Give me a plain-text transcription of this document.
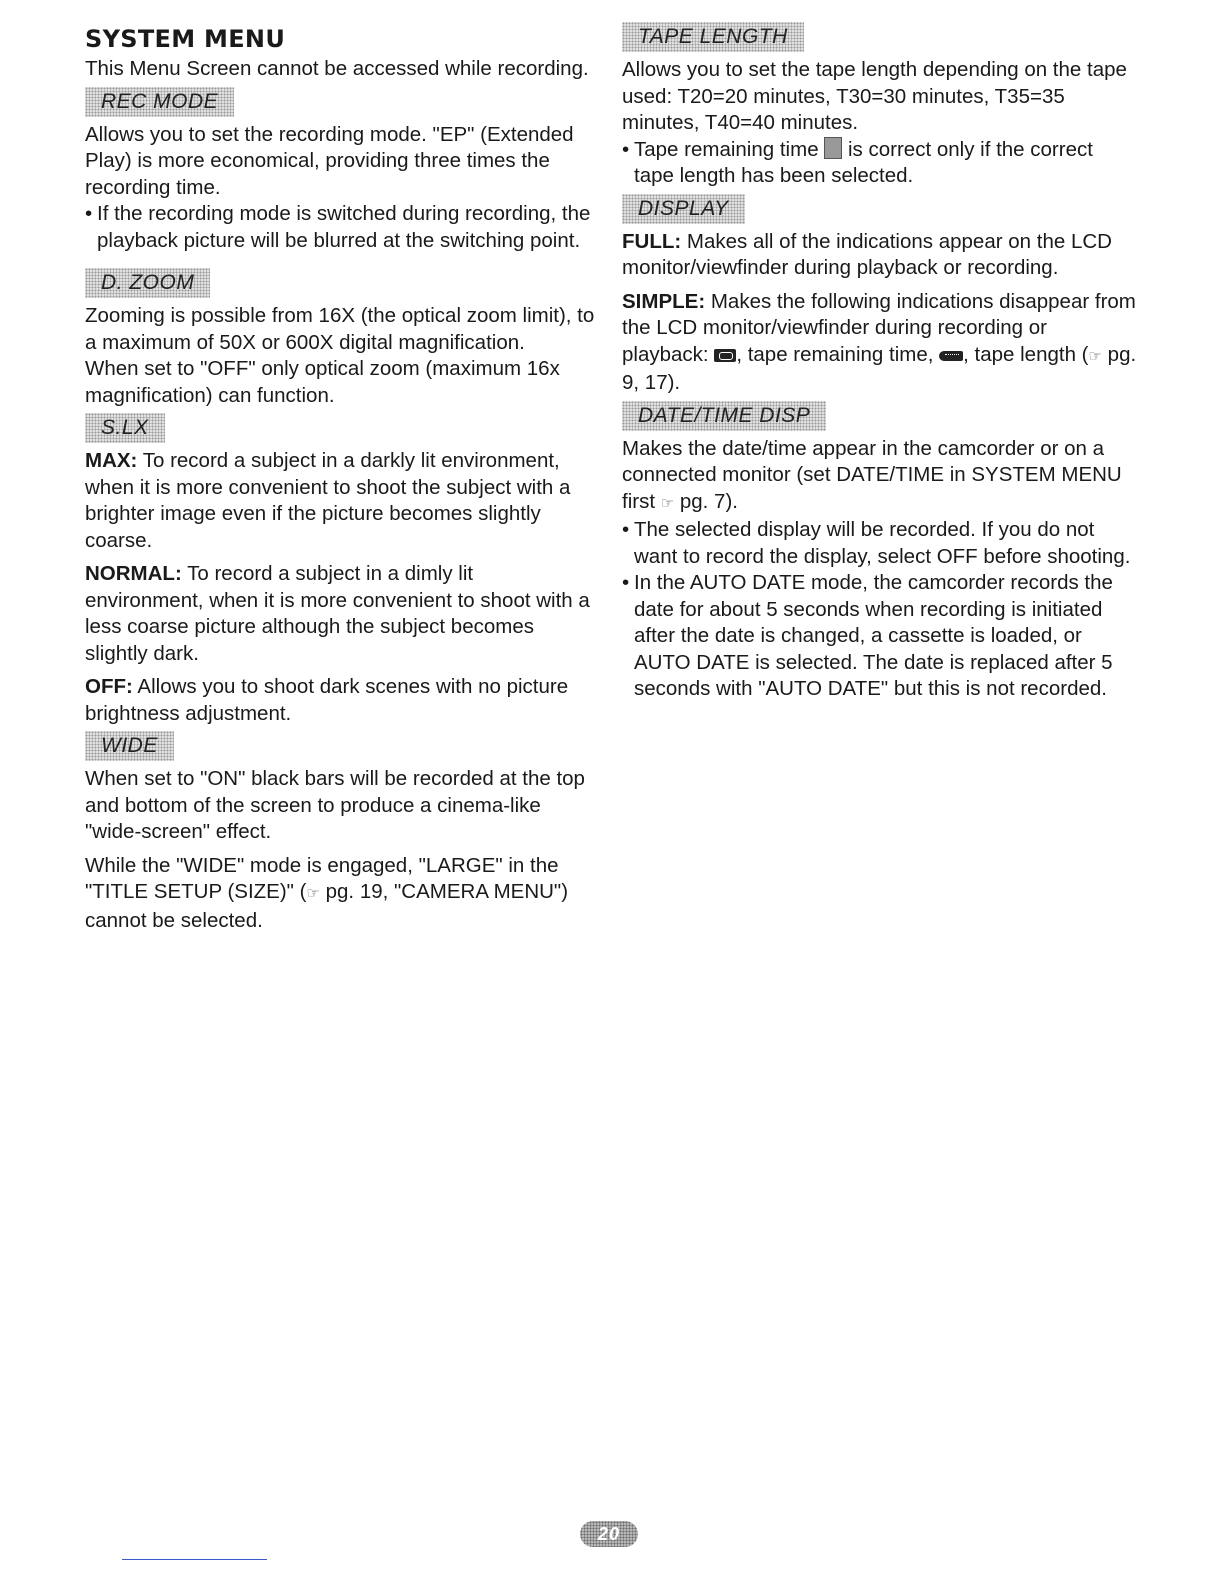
SYSTEM MENU

This Menu Screen cannot be accessed while recording.

REC MODE

Allows you to set the recording mode. "EP" (Extended Play) is more economical, providing three times the recording time.

• If the recording mode is switched during recording, the playback picture will be blurred at the switching point.

D. ZOOM

Zooming is possible from 16X (the optical zoom limit), to a maximum of 50X or 600X digital magnification.

When set to "OFF" only optical zoom (maximum 16x magnification) can function.

S.LX

MAX: To record a subject in a darkly lit environment, when it is more convenient to shoot the subject with a brighter image even if the picture becomes slightly coarse.

NORMAL: To record a subject in a dimly lit environment, when it is more convenient to shoot with a less coarse picture although the subject becomes slightly dark.

OFF: Allows you to shoot dark scenes with no picture brightness adjustment.

WIDE

When set to "ON" black bars will be recorded at the top and bottom of the screen to produce a cinema-like "wide-screen" effect.

While the "WIDE" mode is engaged, "LARGE" in the "TITLE SETUP (SIZE)" (☞ pg. 19, "CAMERA MENU") cannot be selected.

TAPE LENGTH

Allows you to set the tape length depending on the tape used: T20=20 minutes, T30=30 minutes, T35=35 minutes, T40=40 minutes.

• Tape remaining time  is correct only if the correct tape length has been selected.

DISPLAY

FULL: Makes all of the indications appear on the LCD monitor/viewfinder during playback or recording.

SIMPLE: Makes the following indications disappear from the LCD monitor/viewfinder during recording or playback: , tape remaining time, , tape length (☞ pg. 9, 17).

DATE/TIME DISP

Makes the date/time appear in the camcorder or on a connected monitor (set DATE/TIME in SYSTEM MENU first ☞ pg. 7).

• The selected display will be recorded. If you do not want to record the display, select OFF before shooting.

• In the AUTO DATE mode, the camcorder records the date for about 5 seconds when recording is initiated after the date is changed, a cassette is loaded, or AUTO DATE is selected. The date is replaced after 5 seconds with "AUTO DATE" but this is not recorded.

20
